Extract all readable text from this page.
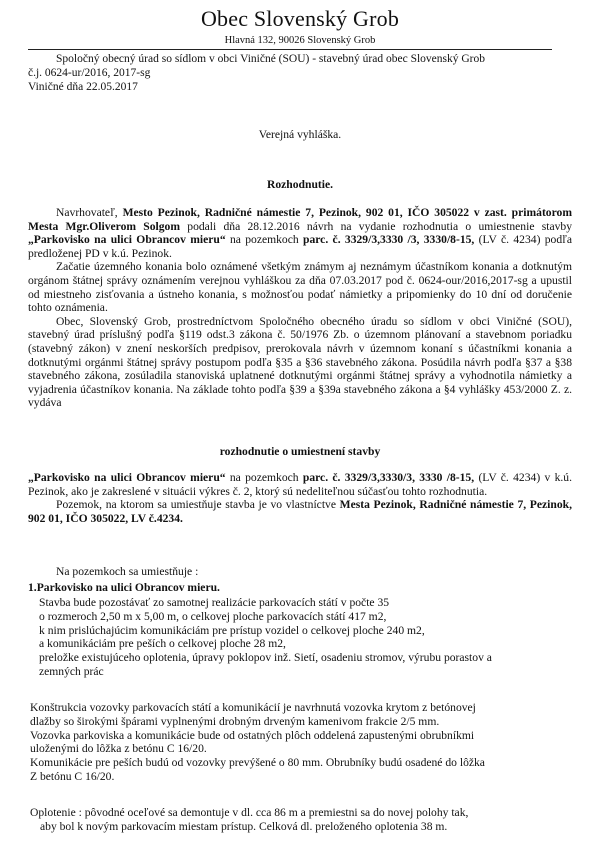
Obec Slovenský Grob
Hlavná 132, 90026 Slovenský Grob
Spoločný obecný úrad so sídlom v obci Viničné (SOU) - stavebný úrad obec Slovenský Grob
č.j. 0624-ur/2016, 2017-sg
Viničné dňa 22.05.2017
Verejná vyhláška.
Rozhodnutie.

Navrhovateľ, Mesto Pezinok, Radničné námestie 7, Pezinok, 902 01, IČO 305022 v zast. primátorom Mesta Mgr.Oliverom Solgom podali dňa 28.12.2016 návrh na vydanie rozhodnutia o umiestnenie stavby „Parkovisko na ulici Obrancov mieru“ na pozemkoch parc. č. 3329/3,3330 /3, 3330/8-15, (LV č. 4234) podľa predloženej PD v k.ú. Pezinok.

Začatie územného konania bolo oznámené všetkým známym aj neznámym účastníkom konania a dotknutým orgánom štátnej správy oznámením verejnou vyhláškou za dňa 07.03.2017 pod č. 0624-our/2016,2017-sg a upustil od miestneho zisťovania a ústneho konania, s možnosťou podať námietky a pripomienky do 10 dní od doručenie tohto oznámenia.

Obec, Slovenský Grob, prostredníctvom Spoločného obecného úradu so sídlom v obci Viničné (SOU), stavebný úrad príslušný podľa §119 odst.3 zákona č. 50/1976 Zb. o územnom plánovaní a stavebnom poriadku (stavebný zákon) v znení neskorších predpisov, prerokovala návrh v územnom konaní s účastníkmi konania a dotknutými orgánmi štátnej správy postupom podľa §35 a §36 stavebného zákona. Posúdila návrh podľa §37 a §38 stavebného zákona, zosúladila stanoviská uplatnené dotknutými orgánmi štátnej správy a vyhodnotila námietky a vyjadrenia účastníkov konania. Na základe tohto podľa §39 a §39a stavebného zákona a §4 vyhlášky 453/2000 Z. z. vydáva

rozhodnutie o umiestnení stavby

„Parkovisko na ulici Obrancov mieru“ na pozemkoch parc. č. 3329/3,3330/3, 3330 /8-15, (LV č. 4234) v k.ú. Pezinok, ako je zakreslené v situácii výkres č. 2, ktorý sú nedeliteľnou súčasťou tohto rozhodnutia.

Pozemok, na ktorom sa umiestňuje stavba je vo vlastníctve Mesta Pezinok, Radničné námestie 7, Pezinok, 902 01, IČO 305022, LV č.4234.

Na pozemkoch sa umiestňuje :
1.Parkovisko na ulici Obrancov mieru.
Stavba bude pozostávať zo samotnej realizácie parkovacích státí v počte 35
o rozmeroch 2,50 m x 5,00 m, o celkovej ploche parkovacích státí 417 m2,
k nim prislúchajúcim komunikáciám pre prístup vozidel o celkovej ploche 240 m2,
a komunikáciám pre peších o celkovej ploche 28 m2,
preložke existujúceho oplotenia, úpravy poklopov inž. Sietí, osadeniu stromov, výrubu porastov a
zemných prác
Konštrukcia vozovky parkovacích státí a komunikácií je navrhnutá vozovka krytom z betónovej
dlažby so širokými špárami vyplnenými drobným drveným kamenivom frakcie 2/5 mm.
Vozovka parkoviska a komunikácie bude od ostatných plôch oddelená zapustenými obrubníkmi
uloženými do lôžka z betónu C 16/20.
Komunikácie pre peších budú od vozovky prevýšené o 80 mm. Obrubníky budú osadené do lôžka
Z betónu C 16/20.
Oplotenie : pôvodné oceľové sa demontuje v dl. cca 86 m a premiestni sa do novej polohy tak,
aby bol k novým parkovacím miestam prístup. Celková dl. preloženého oplotenia 38 m.
